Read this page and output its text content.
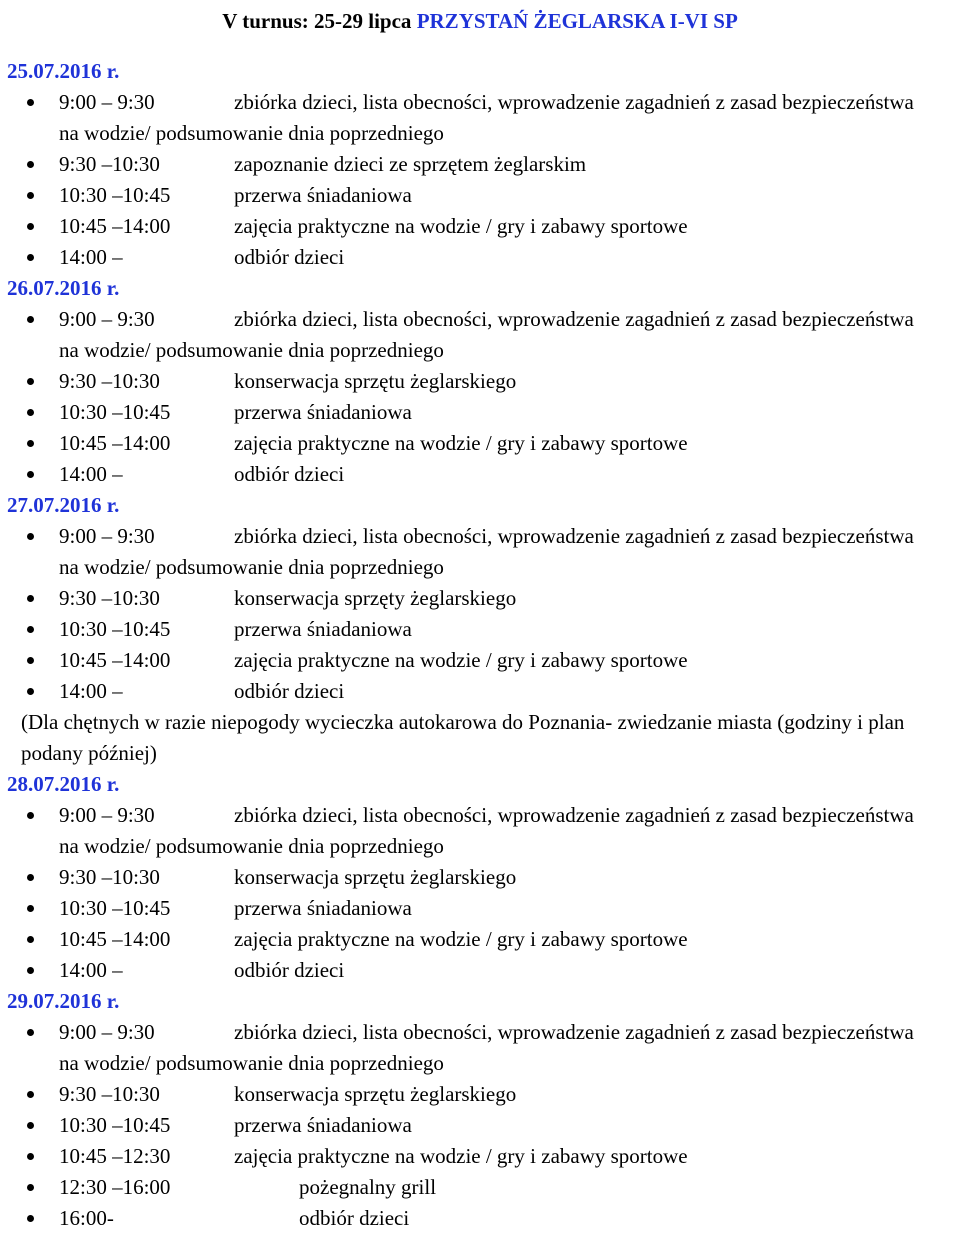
V turnus: 25-29 lipca PRZYSTAŃ ŻEGLARSKA I-VI SP
25.07.2016 r.
9:00 – 9:30	zbiórka dzieci, lista obecności, wprowadzenie zagadnień z zasad bezpieczeństwa
na wodzie/ podsumowanie dnia poprzedniego
9:30 –10:30	zapoznanie dzieci ze sprzętem żeglarskim
10:30 –10:45	przerwa śniadaniowa
10:45 –14:00	zajęcia praktyczne na wodzie / gry i zabawy sportowe
14:00 –	odbiór dzieci
26.07.2016 r.
9:00 – 9:30	zbiórka dzieci, lista obecności, wprowadzenie zagadnień z zasad bezpieczeństwa
na wodzie/ podsumowanie dnia poprzedniego
9:30 –10:30	konserwacja sprzętu żeglarskiego
10:30 –10:45	przerwa śniadaniowa
10:45 –14:00	zajęcia praktyczne na wodzie / gry i zabawy sportowe
14:00 –	odbiór dzieci
27.07.2016 r.
9:00 – 9:30	zbiórka dzieci, lista obecności, wprowadzenie zagadnień z zasad bezpieczeństwa
na wodzie/ podsumowanie dnia poprzedniego
9:30 –10:30	konserwacja sprzęty żeglarskiego
10:30 –10:45	przerwa śniadaniowa
10:45 –14:00	zajęcia praktyczne na wodzie / gry i zabawy sportowe
14:00 –	odbiór dzieci
(Dla chętnych w razie niepogody wycieczka autokarowa do Poznania- zwiedzanie miasta (godziny i plan podany później)
28.07.2016 r.
9:00 – 9:30	zbiórka dzieci, lista obecności, wprowadzenie zagadnień z zasad bezpieczeństwa
na wodzie/ podsumowanie dnia poprzedniego
9:30 –10:30	konserwacja sprzętu żeglarskiego
10:30 –10:45	przerwa śniadaniowa
10:45 –14:00	zajęcia praktyczne na wodzie / gry i zabawy sportowe
14:00 –	odbiór dzieci
29.07.2016 r.
9:00 – 9:30	zbiórka dzieci, lista obecności, wprowadzenie zagadnień z zasad bezpieczeństwa
na wodzie/ podsumowanie dnia poprzedniego
9:30 –10:30	konserwacja sprzętu żeglarskiego
10:30 –10:45	przerwa śniadaniowa
10:45 –12:30	zajęcia praktyczne na wodzie / gry i zabawy sportowe
12:30 –16:00	pożegnalny grill
16:00-	odbiór dzieci
